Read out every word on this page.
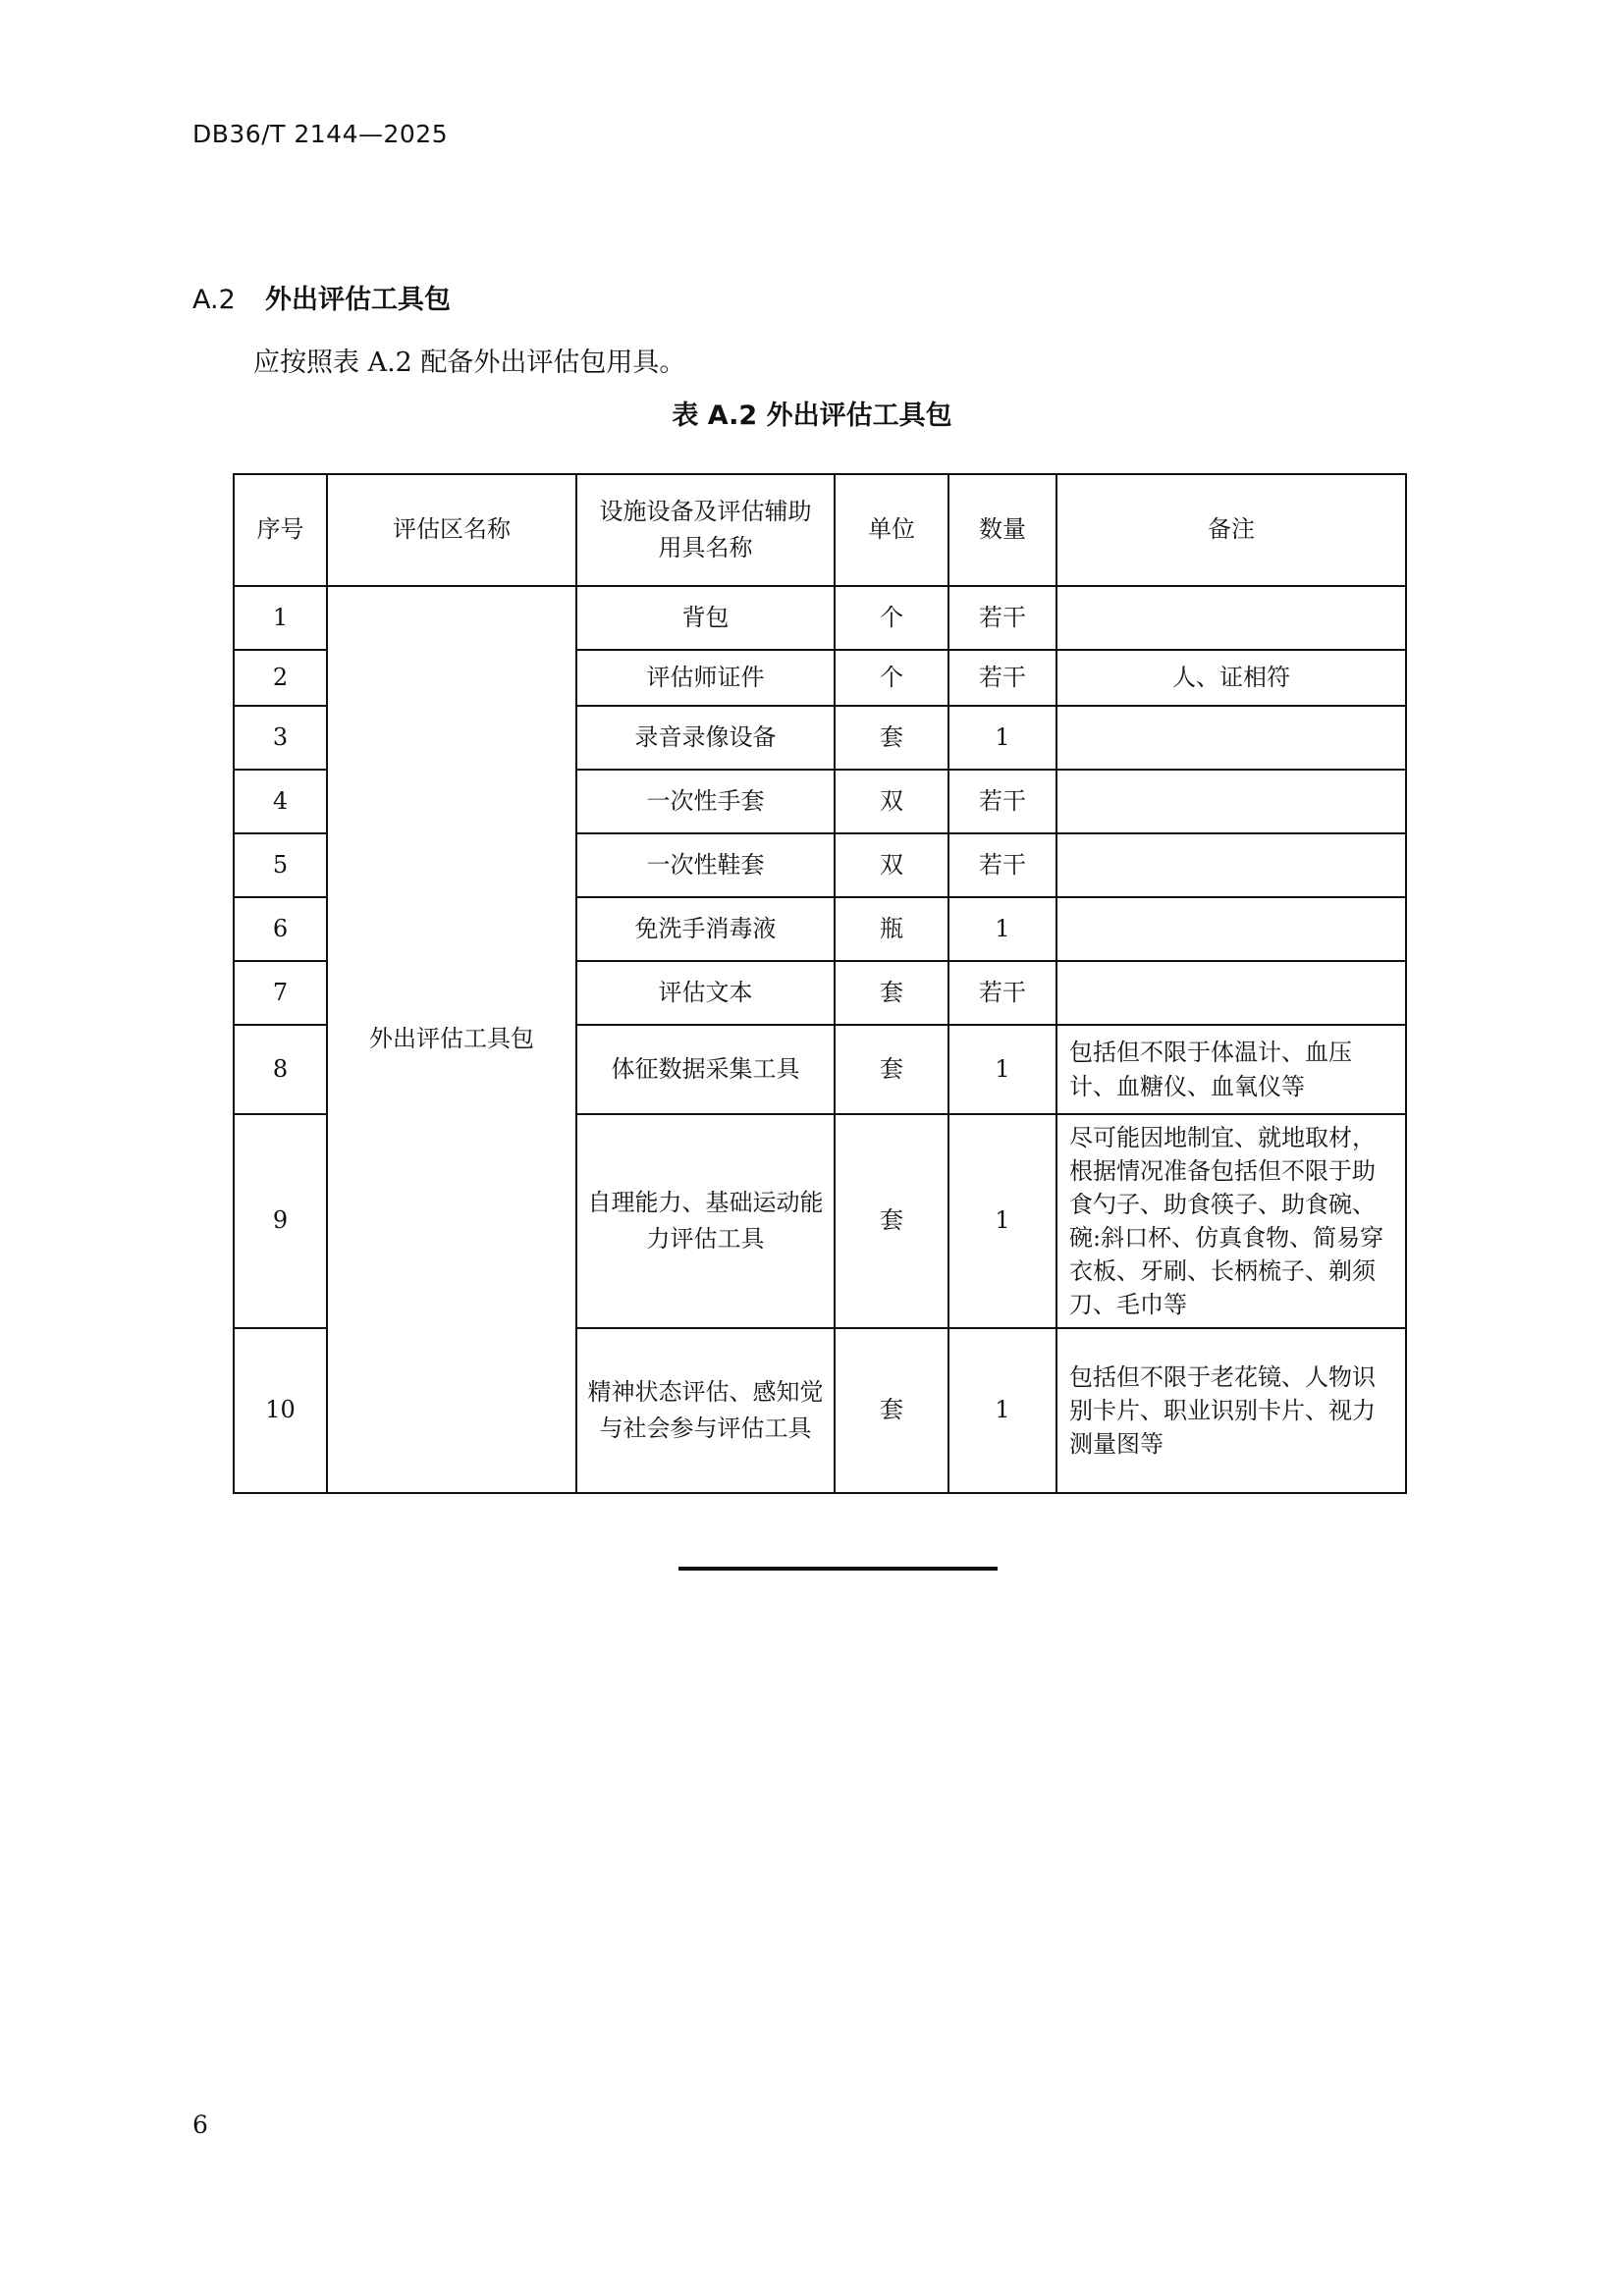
DB36/T 2144—2025
A.2 外出评估工具包
应按照表 A.2 配备外出评估包用具。
表 A.2 外出评估工具包
序号	评估区名称	设施设备及评估辅助
用具名称	单位	数量	备注
1	外出评估工具包	背包	个	若干	
2		评估师证件	个	若干	人、证相符
3		录音录像设备	套	1	
4		一次性手套	双	若干	
5		一次性鞋套	双	若干	
6		免洗手消毒液	瓶	1	
7		评估文本	套	若干	
8		体征数据采集工具	套	1	包括但不限于体温计、血压计、血糖仪、血氧仪等
9		自理能力、基础运动能力评估工具	套	1	尽可能因地制宜、就地取材，根据情况准备包括但不限于助食勺子、助食筷子、助食碗、碗:斜口杯、仿真食物、简易穿衣板、牙刷、长柄梳子、剃须刀、毛巾等
10		精神状态评估、感知觉与社会参与评估工具	套	1	包括但不限于老花镜、人物识别卡片、职业识别卡片、视力测量图等
6
